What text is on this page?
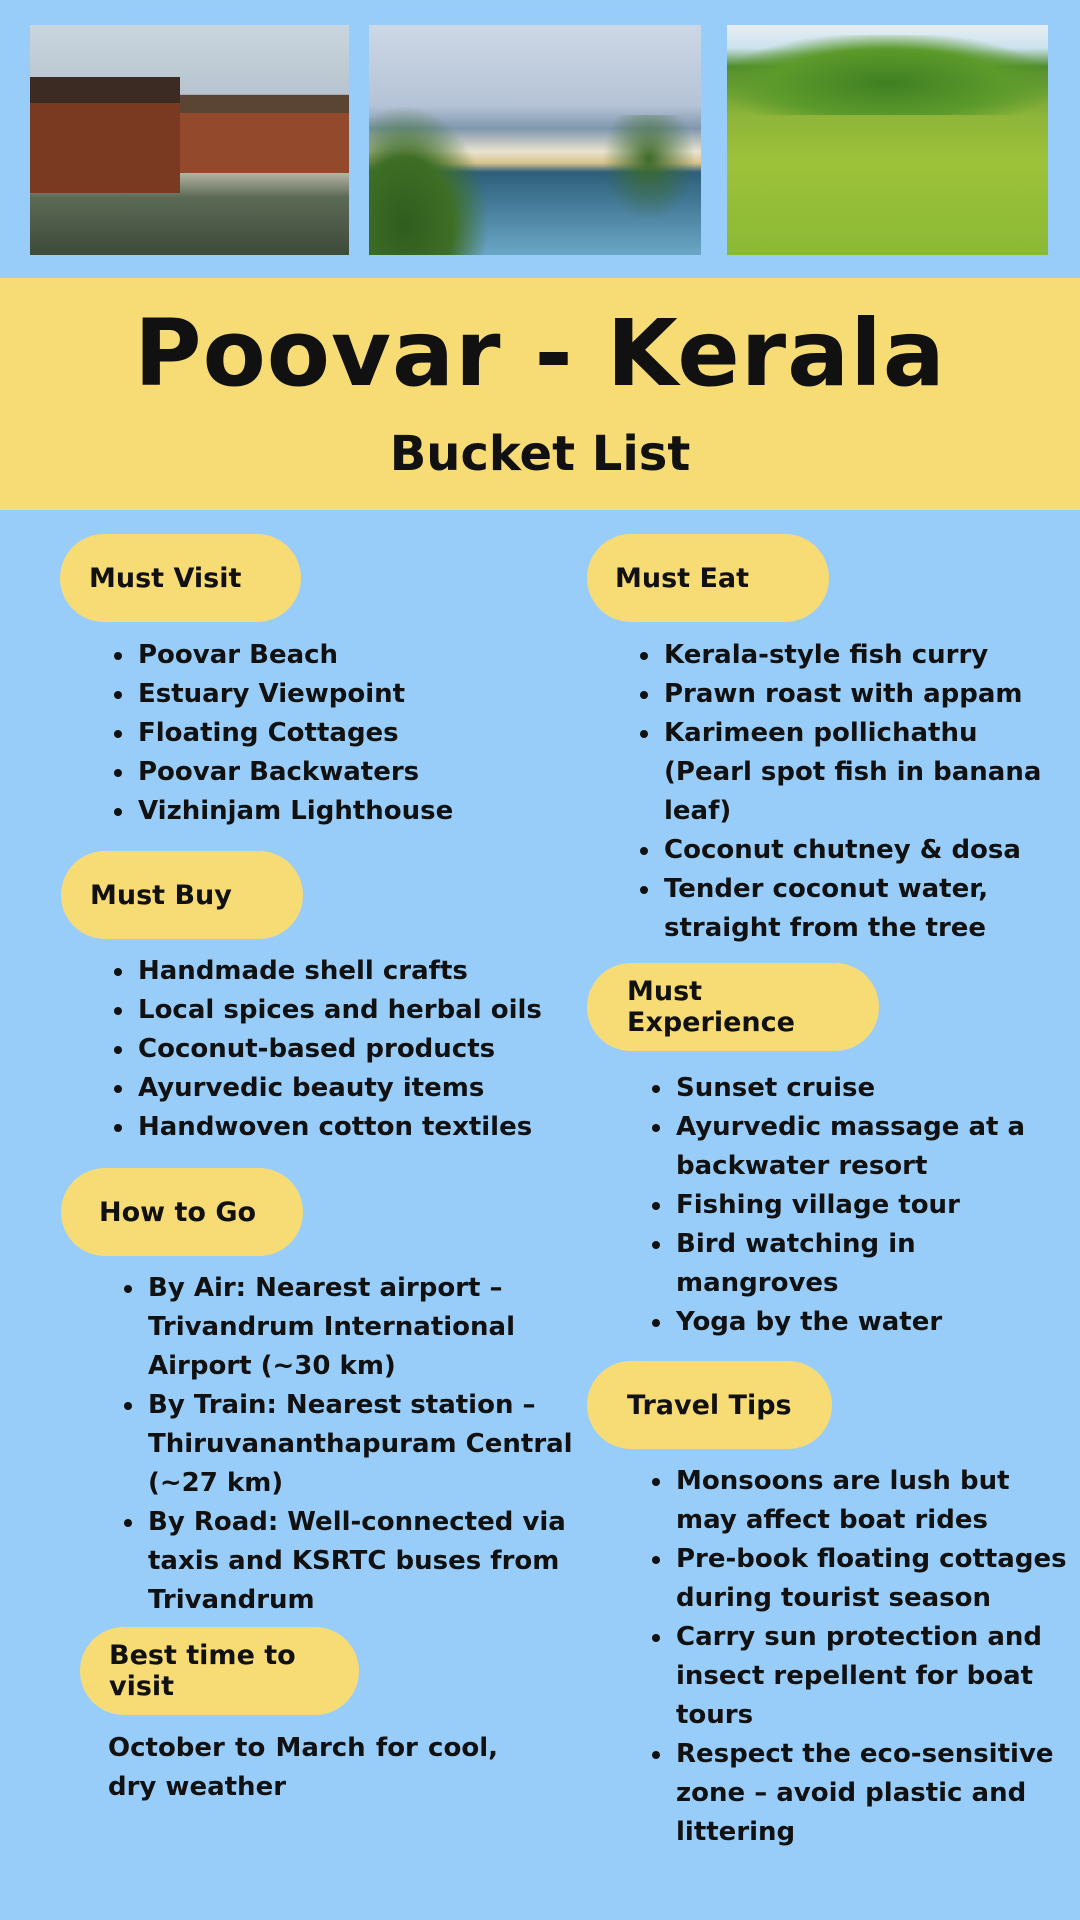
Poovar - Kerala
Bucket List
Must Visit
• Poovar Beach
• Estuary Viewpoint
• Floating Cottages
• Poovar Backwaters
• Vizhinjam Lighthouse
Must Buy
• Handmade shell crafts
• Local spices and herbal oils
• Coconut-based products
• Ayurvedic beauty items
• Handwoven cotton textiles
How to Go
• By Air: Nearest airport – Trivandrum International Airport (~30 km)
• By Train: Nearest station – Thiruvananthapuram Central (~27 km)
• By Road: Well-connected via taxis and KSRTC buses from Trivandrum
Best time to visit
October to March for cool, dry weather
Must Eat
• Kerala-style fish curry
• Prawn roast with appam
• Karimeen pollichathu (Pearl spot fish in banana leaf)
• Coconut chutney & dosa
• Tender coconut water, straight from the tree
Must Experience
• Sunset cruise
• Ayurvedic massage at a backwater resort
• Fishing village tour
• Bird watching in mangroves
• Yoga by the water
Travel Tips
• Monsoons are lush but may affect boat rides
• Pre-book floating cottages during tourist season
• Carry sun protection and insect repellent for boat tours
• Respect the eco-sensitive zone – avoid plastic and littering
